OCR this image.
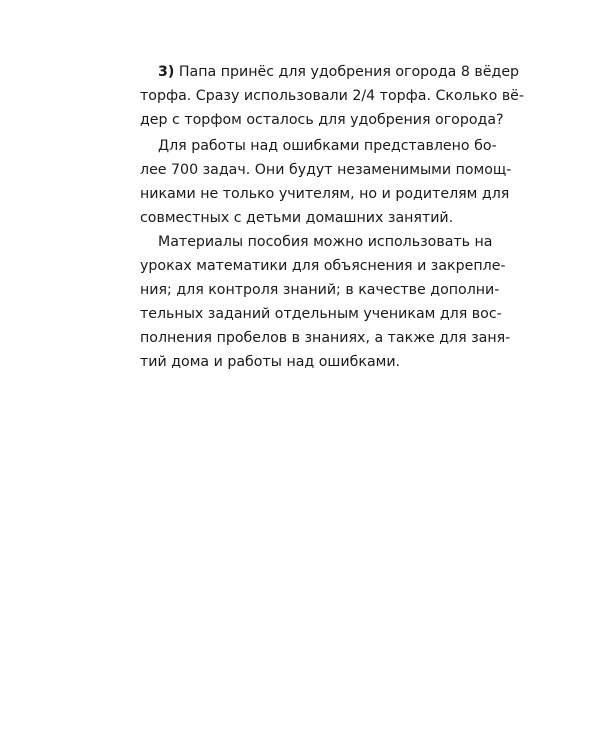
3) Папа принёс для удобрения огорода 8 вёдер
торфа. Сразу использовали 2/4 торфа. Сколько вё-
дер с торфом осталось для удобрения огорода?
Для работы над ошибками представлено бо-
лее 700 задач. Они будут незаменимыми помощ-
никами не только учителям, но и родителям для
совместных с детьми домашних занятий.
Материалы пособия можно использовать на
уроках математики для объяснения и закрепле-
ния; для контроля знаний; в качестве дополни-
тельных заданий отдельным ученикам для вос-
полнения пробелов в знаниях, а также для заня-
тий дома и работы над ошибками.
